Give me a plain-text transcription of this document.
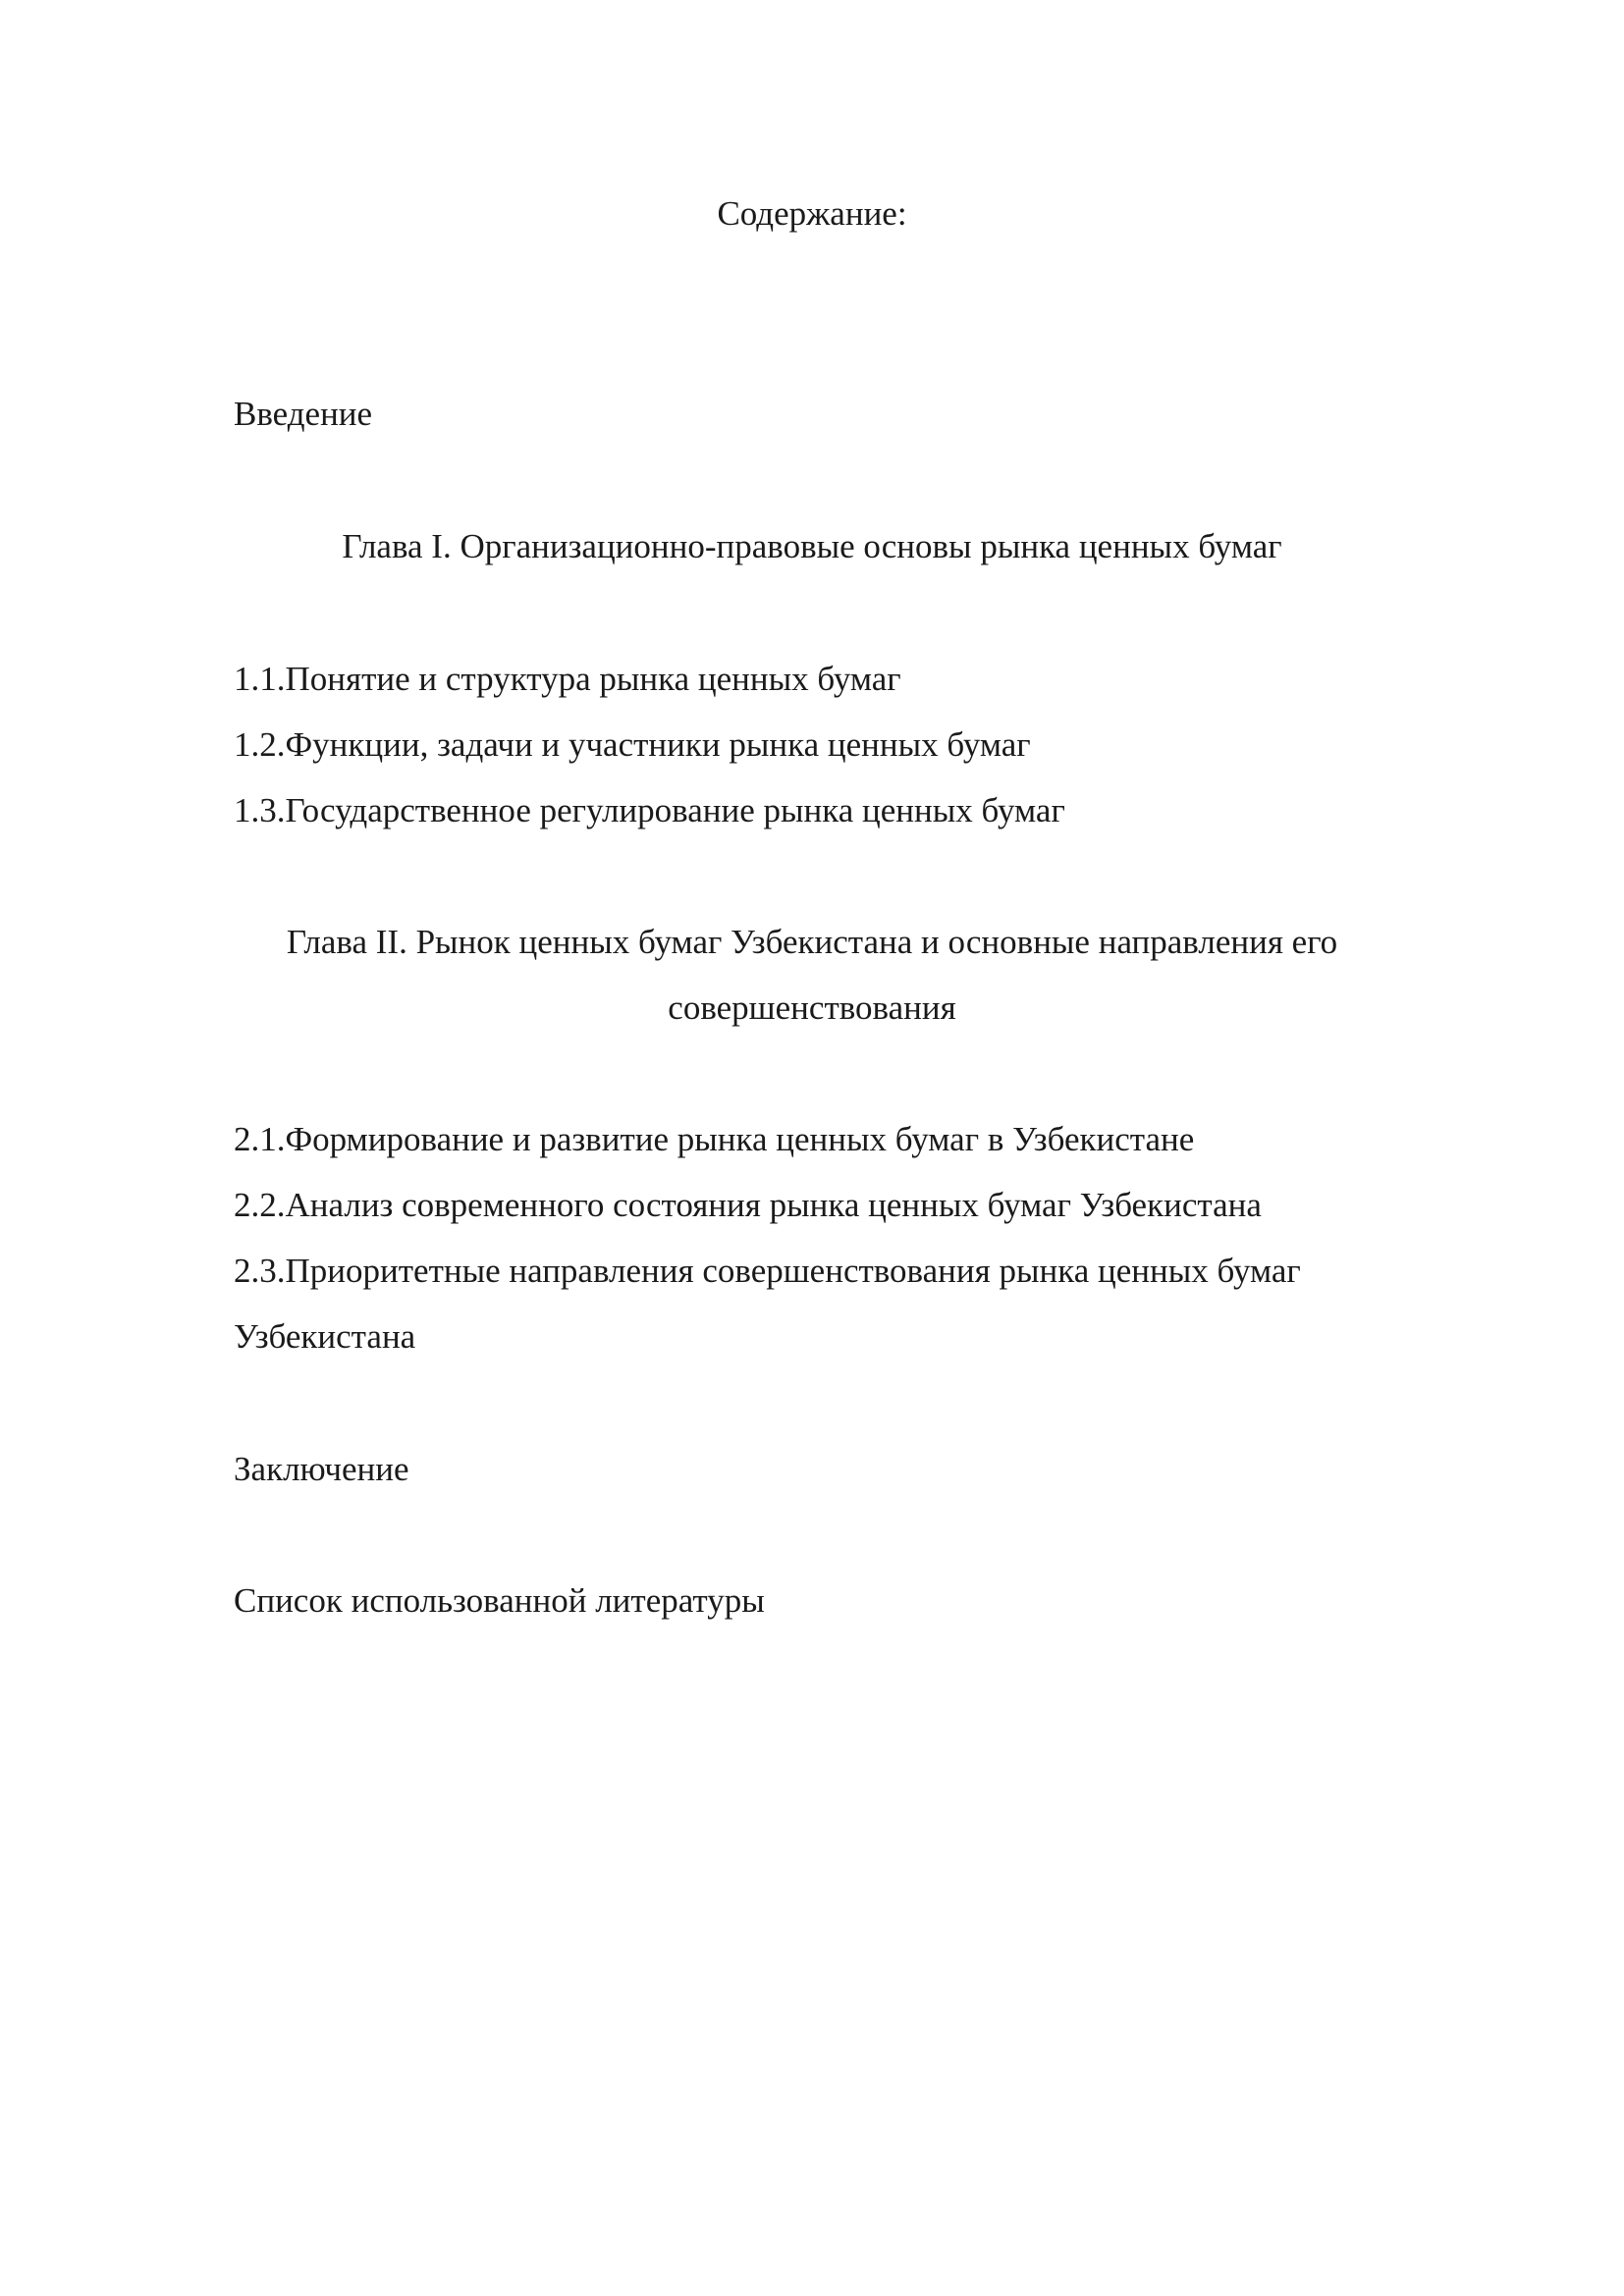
Содержание:
Введение
Глава I. Организационно-правовые основы рынка ценных бумаг
1.1.Понятие и структура рынка ценных бумаг
1.2.Функции, задачи и участники рынка ценных бумаг
1.3.Государственное регулирование рынка ценных бумаг
Глава II. Рынок ценных бумаг Узбекистана и основные направления его
совершенствования
2.1.Формирование и развитие рынка ценных бумаг в Узбекистане
2.2.Анализ современного состояния рынка ценных бумаг Узбекистана
2.3.Приоритетные направления совершенствования рынка ценных бумаг
Узбекистана
Заключение
Список использованной литературы
